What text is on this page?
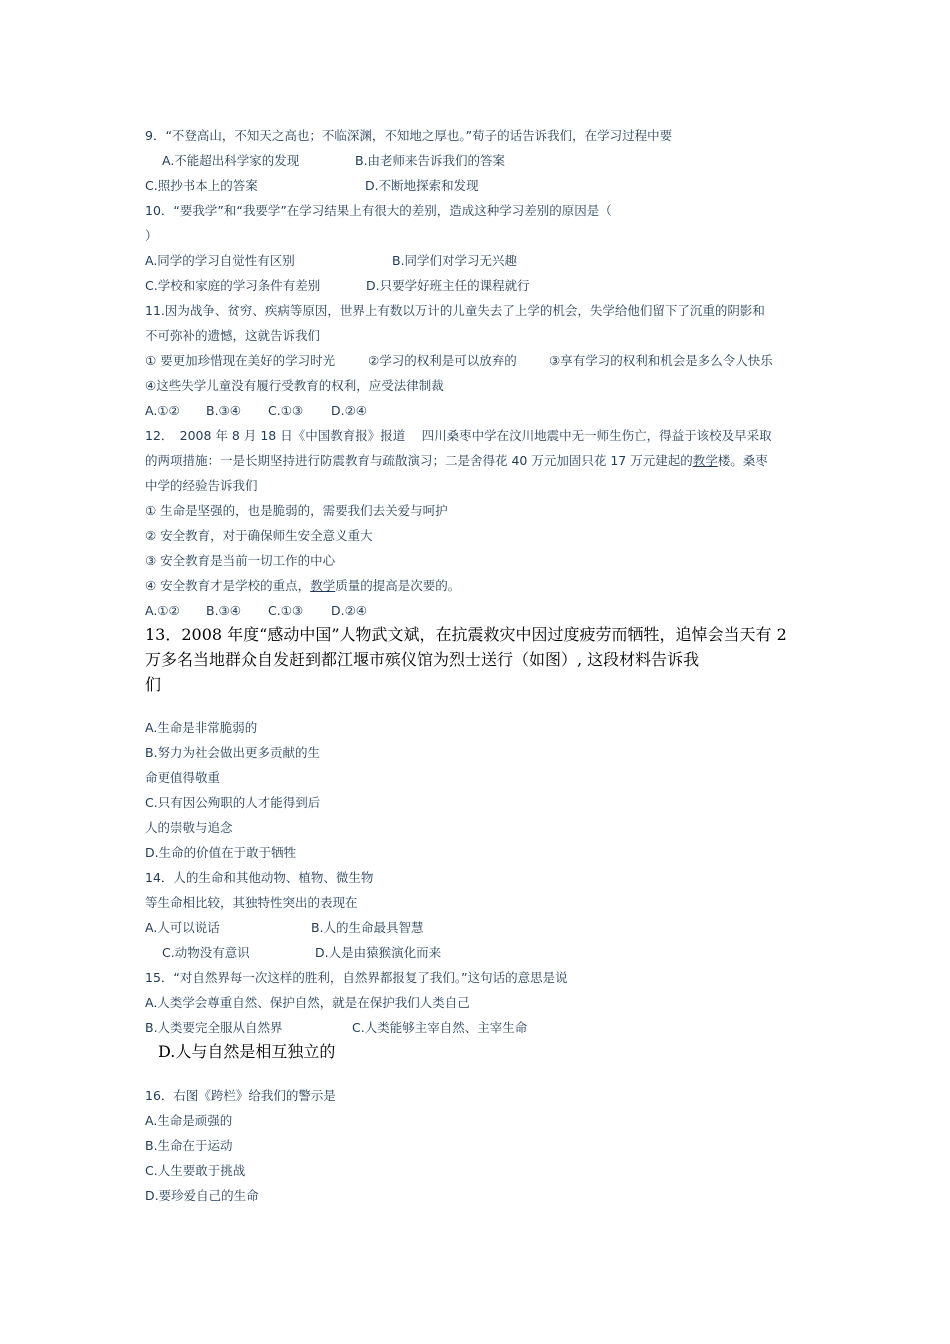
9．“不登高山，不知天之高也；不临深渊，不知地之厚也。”荀子的话告诉我们，在学习过程中要
A.不能超出科学家的发现	B.由老师来告诉我们的答案
C.照抄书本上的答案	D.不断地探索和发现
10．“要我学”和“我要学”在学习结果上有很大的差别，造成这种学习差别的原因是（
）
A.同学的学习自觉性有区别	B.同学们对学习无兴趣
C.学校和家庭的学习条件有差别	D.只要学好班主任的课程就行
11.因为战争、贫穷、疾病等原因，世界上有数以万计的儿童失去了上学的机会，失学给他们留下了沉重的阴影和
不可弥补的遗憾，这就告诉我们
① 要更加珍惜现在美好的学习时光	②学习的权利是可以放弃的	③享有学习的权利和机会是多么令人快乐
④这些失学儿童没有履行受教育的权利，应受法律制裁
A.①② B.③④ C.①③ D.②④
12．　2008 年 8 月 18 日《中国教育报》报道　 四川桑枣中学在汶川地震中无一师生伤亡，得益于该校及早采取
的两项措施：一是长期坚持进行防震教育与疏散演习；二是舍得花 40 万元加固只花 17 万元建起的教学楼。桑枣
中学的经验告诉我们
① 生命是坚强的，也是脆弱的，需要我们去关爱与呵护
② 安全教育，对于确保师生安全意义重大
③ 安全教育是当前一切工作的中心
④ 安全教育才是学校的重点，教学质量的提高是次要的。
A.①② B.③④ C.①③ D.②④
13．2008 年度“感动中国”人物武文斌，在抗震救灾中因过度疲劳而牺牲，追悼会当天有 2
万多名当地群众自发赶到都江堰市殡仪馆为烈士送行（如图）, 这段材料告诉我
们
A.生命是非常脆弱的
B.努力为社会做出更多贡献的生
命更值得敬重
C.只有因公殉职的人才能得到后
人的崇敬与追念
D.生命的价值在于敢于牺牲
14．人的生命和其他动物、植物、微生物
等生命相比较，其独特性突出的表现在
A.人可以说话	B.人的生命最具智慧
C.动物没有意识	D.人是由猿猴演化而来
15．“对自然界每一次这样的胜利，自然界都报复了我们。”这句话的意思是说
A.人类学会尊重自然、保护自然，就是在保护我们人类自己
B.人类要完全服从自然界	C.人类能够主宰自然、主宰生命
D.人与自然是相互独立的
16．右图《跨栏》给我们的警示是
A.生命是顽强的
B.生命在于运动
C.人生要敢于挑战
D.要珍爱自己的生命
